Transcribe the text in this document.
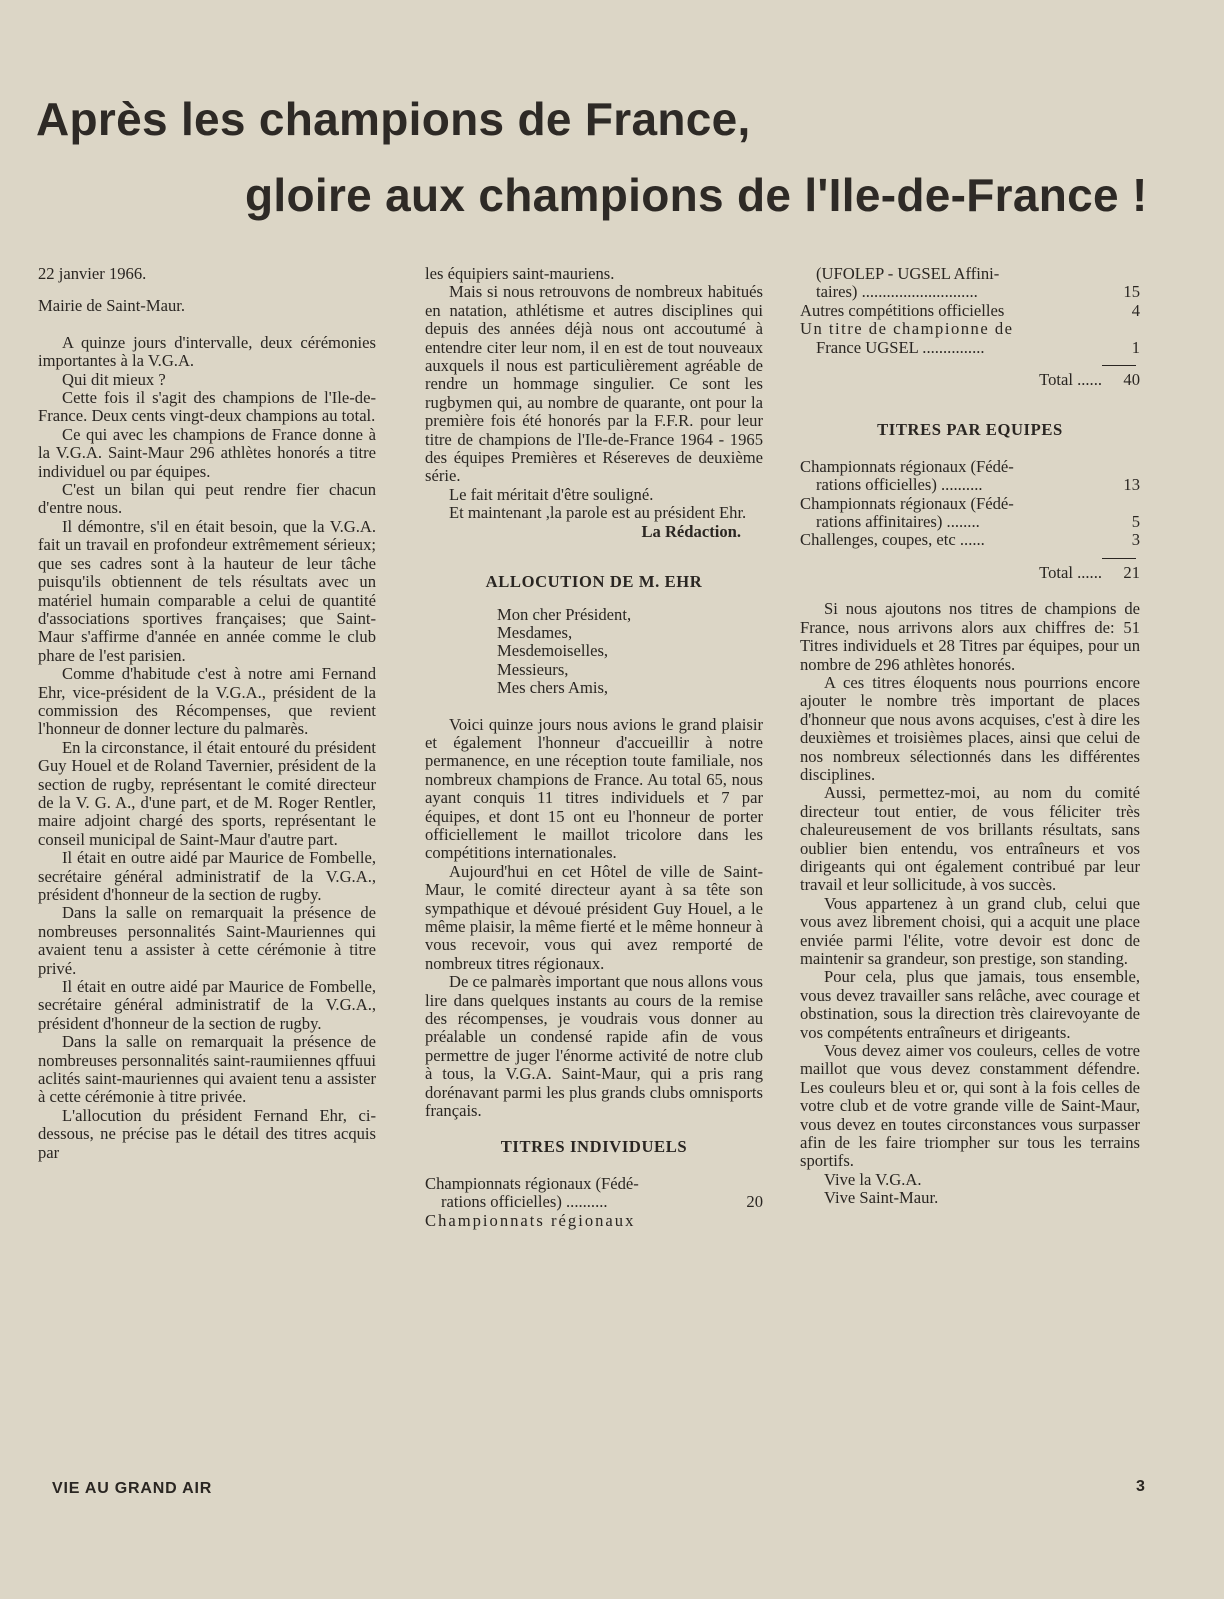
Après les champions de France,
gloire aux champions de l'Ile-de-France !

22 janvier 1966.

Mairie de Saint-Maur.

A quinze jours d'intervalle, deux cérémonies importantes à la V.G.A.

Qui dit mieux ?

Cette fois il s'agit des champions de l'Ile-de-France. Deux cents vingt-deux champions au total.

Ce qui avec les champions de France donne à la V.G.A. Saint-Maur 296 athlètes honorés a titre individuel ou par équipes.

C'est un bilan qui peut rendre fier chacun d'entre nous.

Il démontre, s'il en était besoin, que la V.G.A. fait un travail en profondeur extrêmement sérieux; que ses cadres sont à la hauteur de leur tâche puisqu'ils obtiennent de tels résultats avec un matériel humain comparable a celui de quantité d'associations sportives françaises; que Saint-Maur s'affirme d'année en année comme le club phare de l'est parisien.

Comme d'habitude c'est à notre ami Fernand Ehr, vice-président de la V.G.A., président de la commission des Récompenses, que revient l'honneur de donner lecture du palmarès.

En la circonstance, il était entouré du président Guy Houel et de Roland Tavernier, président de la section de rugby, représentant le comité directeur de la V. G. A., d'une part, et de M. Roger Rentler, maire adjoint chargé des sports, représentant le conseil municipal de Saint-Maur d'autre part.

Il était en outre aidé par Maurice de Fombelle, secrétaire général administratif de la V.G.A., président d'honneur de la section de rugby.

Dans la salle on remarquait la présence de nombreuses personnalités Saint-Mauriennes qui avaient tenu a assister à cette cérémonie à titre privé.

Il était en outre aidé par Maurice de Fombelle, secrétaire général administratif de la V.G.A., président d'honneur de la section de rugby.

Dans la salle on remarquait la présence de nombreuses personnalités saint-raumiiennes qffuui aclités saint-mauriennes qui avaient tenu a assister à cette cérémonie à titre privée.

L'allocution du président Fernand Ehr, ci-dessous, ne précise pas le détail des titres acquis par

les équipiers saint-mauriens.

Mais si nous retrouvons de nombreux habitués en natation, athlétisme et autres disciplines qui depuis des années déjà nous ont accoutumé à entendre citer leur nom, il en est de tout nouveaux auxquels il nous est particulièrement agréable de rendre un hommage singulier. Ce sont les rugbymen qui, au nombre de quarante, ont pour la première fois été honorés par la F.F.R. pour leur titre de champions de l'Ile-de-France 1964 - 1965 des équipes Premières et Résereves de deuxième série.

Le fait méritait d'être souligné.

Et maintenant ,la parole est au président Ehr.

La Rédaction.
ALLOCUTION DE M. EHR
Mon cher Président,
Mesdames,
Mesdemoiselles,
Messieurs,
Mes chers Amis,

Voici quinze jours nous avions le grand plaisir et également l'honneur d'accueillir à notre permanence, en une réception toute familiale, nos nombreux champions de France. Au total 65, nous ayant conquis 11 titres individuels et 7 par équipes, et dont 15 ont eu l'honneur de porter officiellement le maillot tricolore dans les compétitions internationales.

Aujourd'hui en cet Hôtel de ville de Saint-Maur, le comité directeur ayant à sa tête son sympathique et dévoué président Guy Houel, a le même plaisir, la même fierté et le même honneur à vous recevoir, vous qui avez remporté de nombreux titres régionaux.

De ce palmarès important que nous allons vous lire dans quelques instants au cours de la remise des récompenses, je voudrais vous donner au préalable un condensé rapide afin de vous permettre de juger l'énorme activité de notre club à tous, la V.G.A. Saint-Maur, qui a pris rang dorénavant parmi les plus grands clubs omnisports français.

TITRES INDIVIDUELS
Championnats régionaux (Fédé-
rations officielles) ..........	20
Championnats régionaux
(UFOLEP - UGSEL Affini-
taires) ............................	15
Autres compétitions officielles	4
Un titre de championne de
France UGSEL ...............	1
Total ......	40
TITRES PAR EQUIPES
Championnats régionaux (Fédé-
rations officielles) ..........	13
Championnats régionaux (Fédé-
rations affinitaires) ........	5
Challenges, coupes, etc ......	3
Total ......	21

Si nous ajoutons nos titres de champions de France, nous arrivons alors aux chiffres de: 51 Titres individuels et 28 Titres par équipes, pour un nombre de 296 athlètes honorés.

A ces titres éloquents nous pourrions encore ajouter le nombre très important de places d'honneur que nous avons acquises, c'est à dire les deuxièmes et troisièmes places, ainsi que celui de nos nombreux sélectionnés dans les différentes disciplines.

Aussi, permettez-moi, au nom du comité directeur tout entier, de vous féliciter très chaleureusement de vos brillants résultats, sans oublier bien entendu, vos entraîneurs et vos dirigeants qui ont également contribué par leur travail et leur sollicitude, à vos succès.

Vous appartenez à un grand club, celui que vous avez librement choisi, qui a acquit une place enviée parmi l'élite, votre devoir est donc de maintenir sa grandeur, son prestige, son standing.

Pour cela, plus que jamais, tous ensemble, vous devez travailler sans relâche, avec courage et obstination, sous la direction très clairevoyante de vos compétents entraîneurs et dirigeants.

Vous devez aimer vos couleurs, celles de votre maillot que vous devez constamment défendre. Les couleurs bleu et or, qui sont à la fois celles de votre club et de votre grande ville de Saint-Maur, vous devez en toutes circonstances vous surpasser afin de les faire triompher sur tous les terrains sportifs.

Vive la V.G.A.

Vive Saint-Maur.

VIE AU GRAND AIR	3
